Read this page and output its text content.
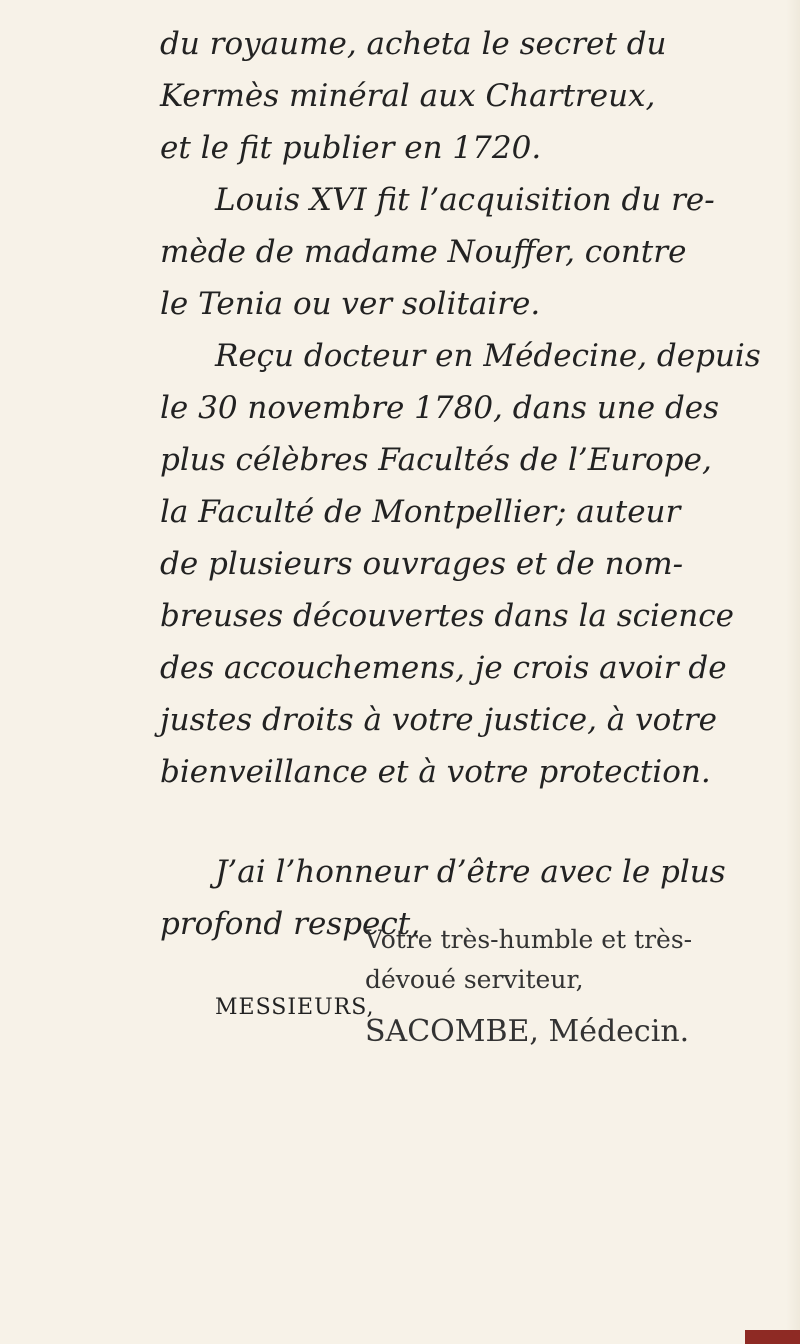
du royaume, acheta le secret du
Kermès minéral aux Chartreux,
et le fit publier en 1720.
Louis XVI fit l’acquisition du re-
mède de madame Nouffer, contre
le Tenia ou ver solitaire.
Reçu docteur en Médecine, depuis
le 30 novembre 1780, dans une des
plus célèbres Facultés de l’Europe,
la Faculté de Montpellier; auteur
de plusieurs ouvrages et de nom-
breuses découvertes dans la science
des accouchemens, je crois avoir de
justes droits à votre justice, à votre
bienveillance et à votre protection.
J’ai l’honneur d’être avec le plus
profond respect,
MESSIEURS,
Votre très-humble et très-
dévoué serviteur,
SACOMBE, Médecin.
